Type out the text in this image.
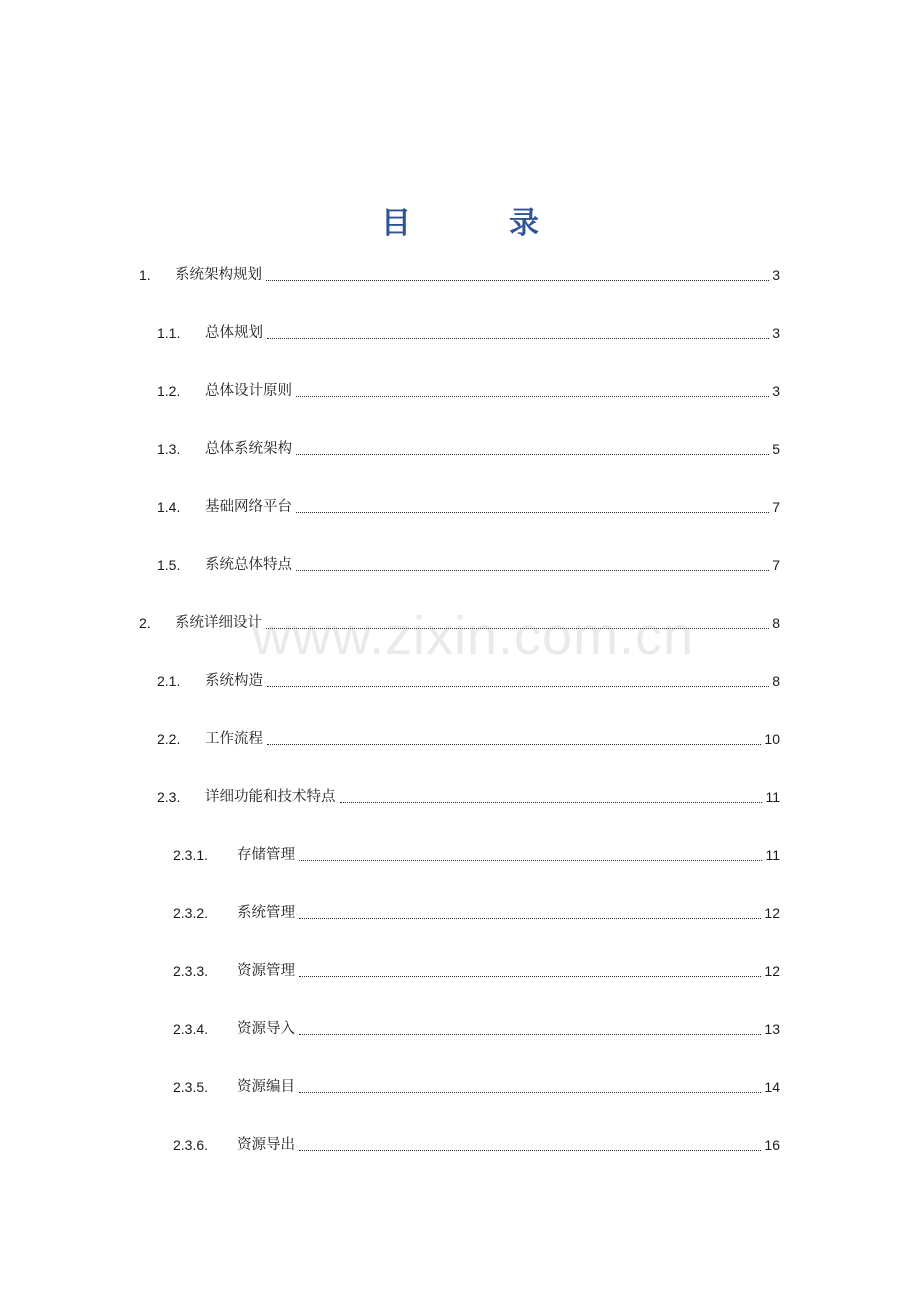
目　录
1.	系统架构规划	3
1.1.	总体规划	3
1.2.	总体设计原则	3
1.3.	总体系统架构	5
1.4.	基础网络平台	7
1.5.	系统总体特点	7
2.	系统详细设计	8
2.1.	系统构造	8
2.2.	工作流程	10
2.3.	详细功能和技术特点	11
2.3.1.	存储管理	11
2.3.2.	系统管理	12
2.3.3.	资源管理	12
2.3.4.	资源导入	13
2.3.5.	资源编目	14
2.3.6.	资源导出	16
www.zixin.com.cn
